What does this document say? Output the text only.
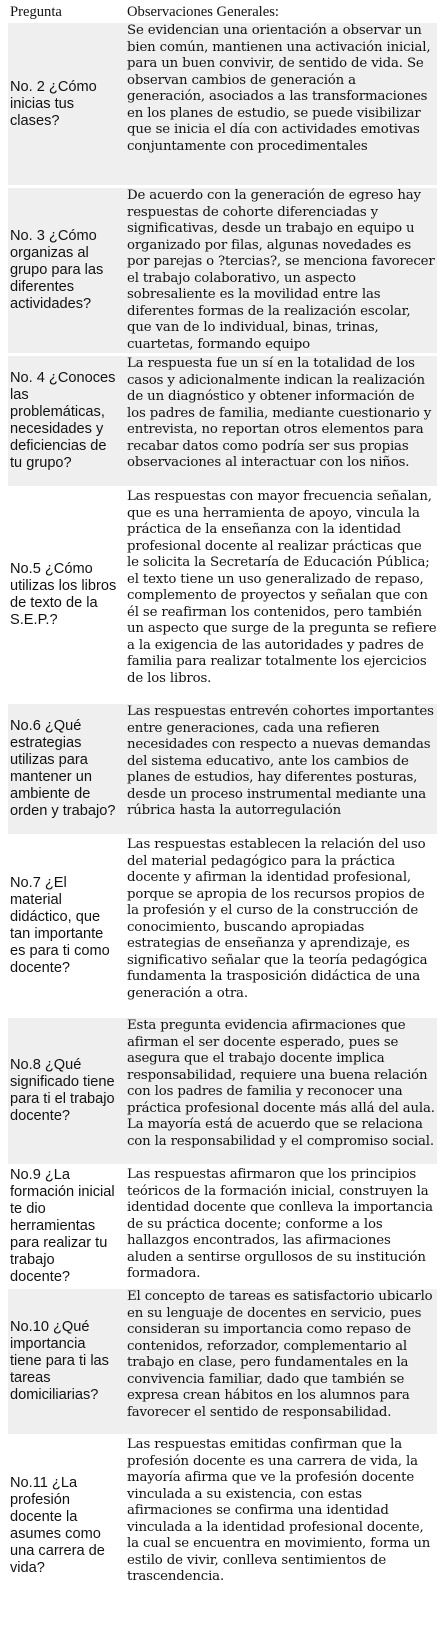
Pregunta	Observaciones Generales:
No. 2 ¿Cómo inicias tus clases?	Se evidencian una orientación a observar un bien común, mantienen una activación inicial, para un buen convivir, de sentido de vida. Se observan cambios de generación a generación, asociados a las transformaciones en los planes de estudio, se puede visibilizar que se inicia el día con actividades emotivas conjuntamente con procedimentales
No. 3 ¿Cómo organizas al grupo para las diferentes actividades?	De acuerdo con la generación de egreso hay respuestas de cohorte diferenciadas y significativas, desde un trabajo en equipo u organizado por filas, algunas novedades es por parejas o ?tercias?, se menciona favorecer el trabajo colaborativo, un aspecto sobresaliente es la movilidad entre las diferentes formas de la realización escolar, que van de lo individual, binas, trinas, cuartetas, formando equipo
No. 4 ¿Conoces las problemáticas, necesidades y deficiencias de tu grupo?	La respuesta fue un sí en la totalidad de los casos y adicionalmente indican la realización de un diagnóstico y obtener información de los padres de familia, mediante cuestionario y entrevista, no reportan otros elementos para recabar datos como podría ser sus propias observaciones al interactuar con los niños.
No.5 ¿Cómo utilizas los libros de texto de la S.E.P.?	Las respuestas con mayor frecuencia señalan, que es una herramienta de apoyo, vincula la práctica de la enseñanza con la identidad profesional docente al realizar prácticas que le solicita la Secretaría de Educación Pública; el texto tiene un uso generalizado de repaso, complemento de proyectos y señalan que con él se reafirman los contenidos, pero también un aspecto que surge de la pregunta se refiere a la exigencia de las autoridades y padres de familia para realizar totalmente los ejercicios de los libros.
No.6 ¿Qué estrategias utilizas para mantener un ambiente de orden y trabajo?	Las respuestas entrevén cohortes importantes entre generaciones, cada una refieren necesidades con respecto a nuevas demandas del sistema educativo, ante los cambios de planes de estudios, hay diferentes posturas, desde un proceso instrumental mediante una rúbrica hasta la autorregulación
No.7 ¿El material didáctico, que tan importante es para ti como docente?	Las respuestas establecen la relación del uso del material pedagógico para la práctica docente y afirman la identidad profesional, porque se apropia de los recursos propios de la profesión y el curso de la construcción de conocimiento, buscando apropiadas estrategias de enseñanza y aprendizaje, es significativo señalar que la teoría pedagógica fundamenta la trasposición didáctica de una generación a otra.
No.8 ¿Qué significado tiene para ti el trabajo docente?	Esta pregunta evidencia afirmaciones que afirman el ser docente esperado, pues se asegura que el trabajo docente implica responsabilidad, requiere una buena relación con los padres de familia y reconocer una práctica profesional docente más allá del aula. La mayoría está de acuerdo que se relaciona con la responsabilidad y el compromiso social.
No.9 ¿La formación inicial te dio herramientas para realizar tu trabajo docente?	Las respuestas afirmaron que los principios teóricos de la formación inicial, construyen la identidad docente que conlleva la importancia de su práctica docente; conforme a los hallazgos encontrados, las afirmaciones aluden a sentirse orgullosos de su institución formadora.
No.10 ¿Qué importancia tiene para ti las tareas domiciliarias?	El concepto de tareas es satisfactorio ubicarlo en su lenguaje de docentes en servicio, pues consideran su importancia como repaso de contenidos, reforzador, complementario al trabajo en clase, pero fundamentales en la convivencia familiar, dado que también se expresa crean hábitos en los alumnos para favorecer el sentido de responsabilidad.
No.11 ¿La profesión docente la asumes como una carrera de vida?	Las respuestas emitidas confirman que la profesión docente es una carrera de vida, la mayoría afirma que ve la profesión docente vinculada a su existencia, con estas afirmaciones se confirma una identidad vinculada a la identidad profesional docente, la cual se encuentra en movimiento, forma un estilo de vivir, conlleva sentimientos de trascendencia.
